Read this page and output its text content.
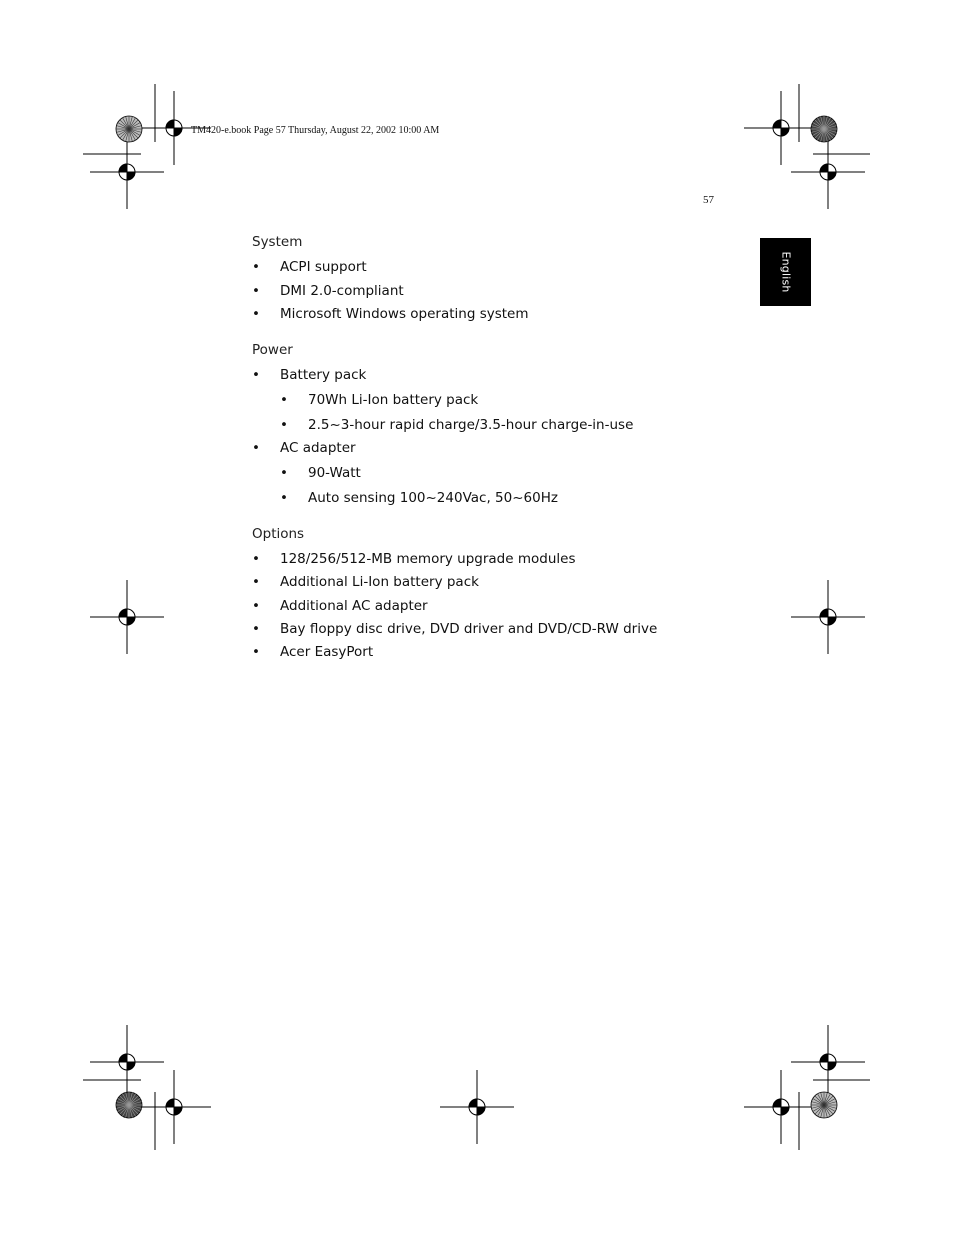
TM420-e.book Page 57 Thursday, August 22, 2002 10:00 AM
57
English
System
• ACPI support
• DMI 2.0-compliant
• Microsoft Windows operating system
Power
• Battery pack
• 70Wh Li-Ion battery pack
• 2.5~3-hour rapid charge/3.5-hour charge-in-use
• AC adapter
• 90-Watt
• Auto sensing 100~240Vac, 50~60Hz
Options
• 128/256/512-MB memory upgrade modules
• Additional Li-Ion battery pack
• Additional AC adapter
• Bay floppy disc drive, DVD driver and DVD/CD-RW drive
• Acer EasyPort
